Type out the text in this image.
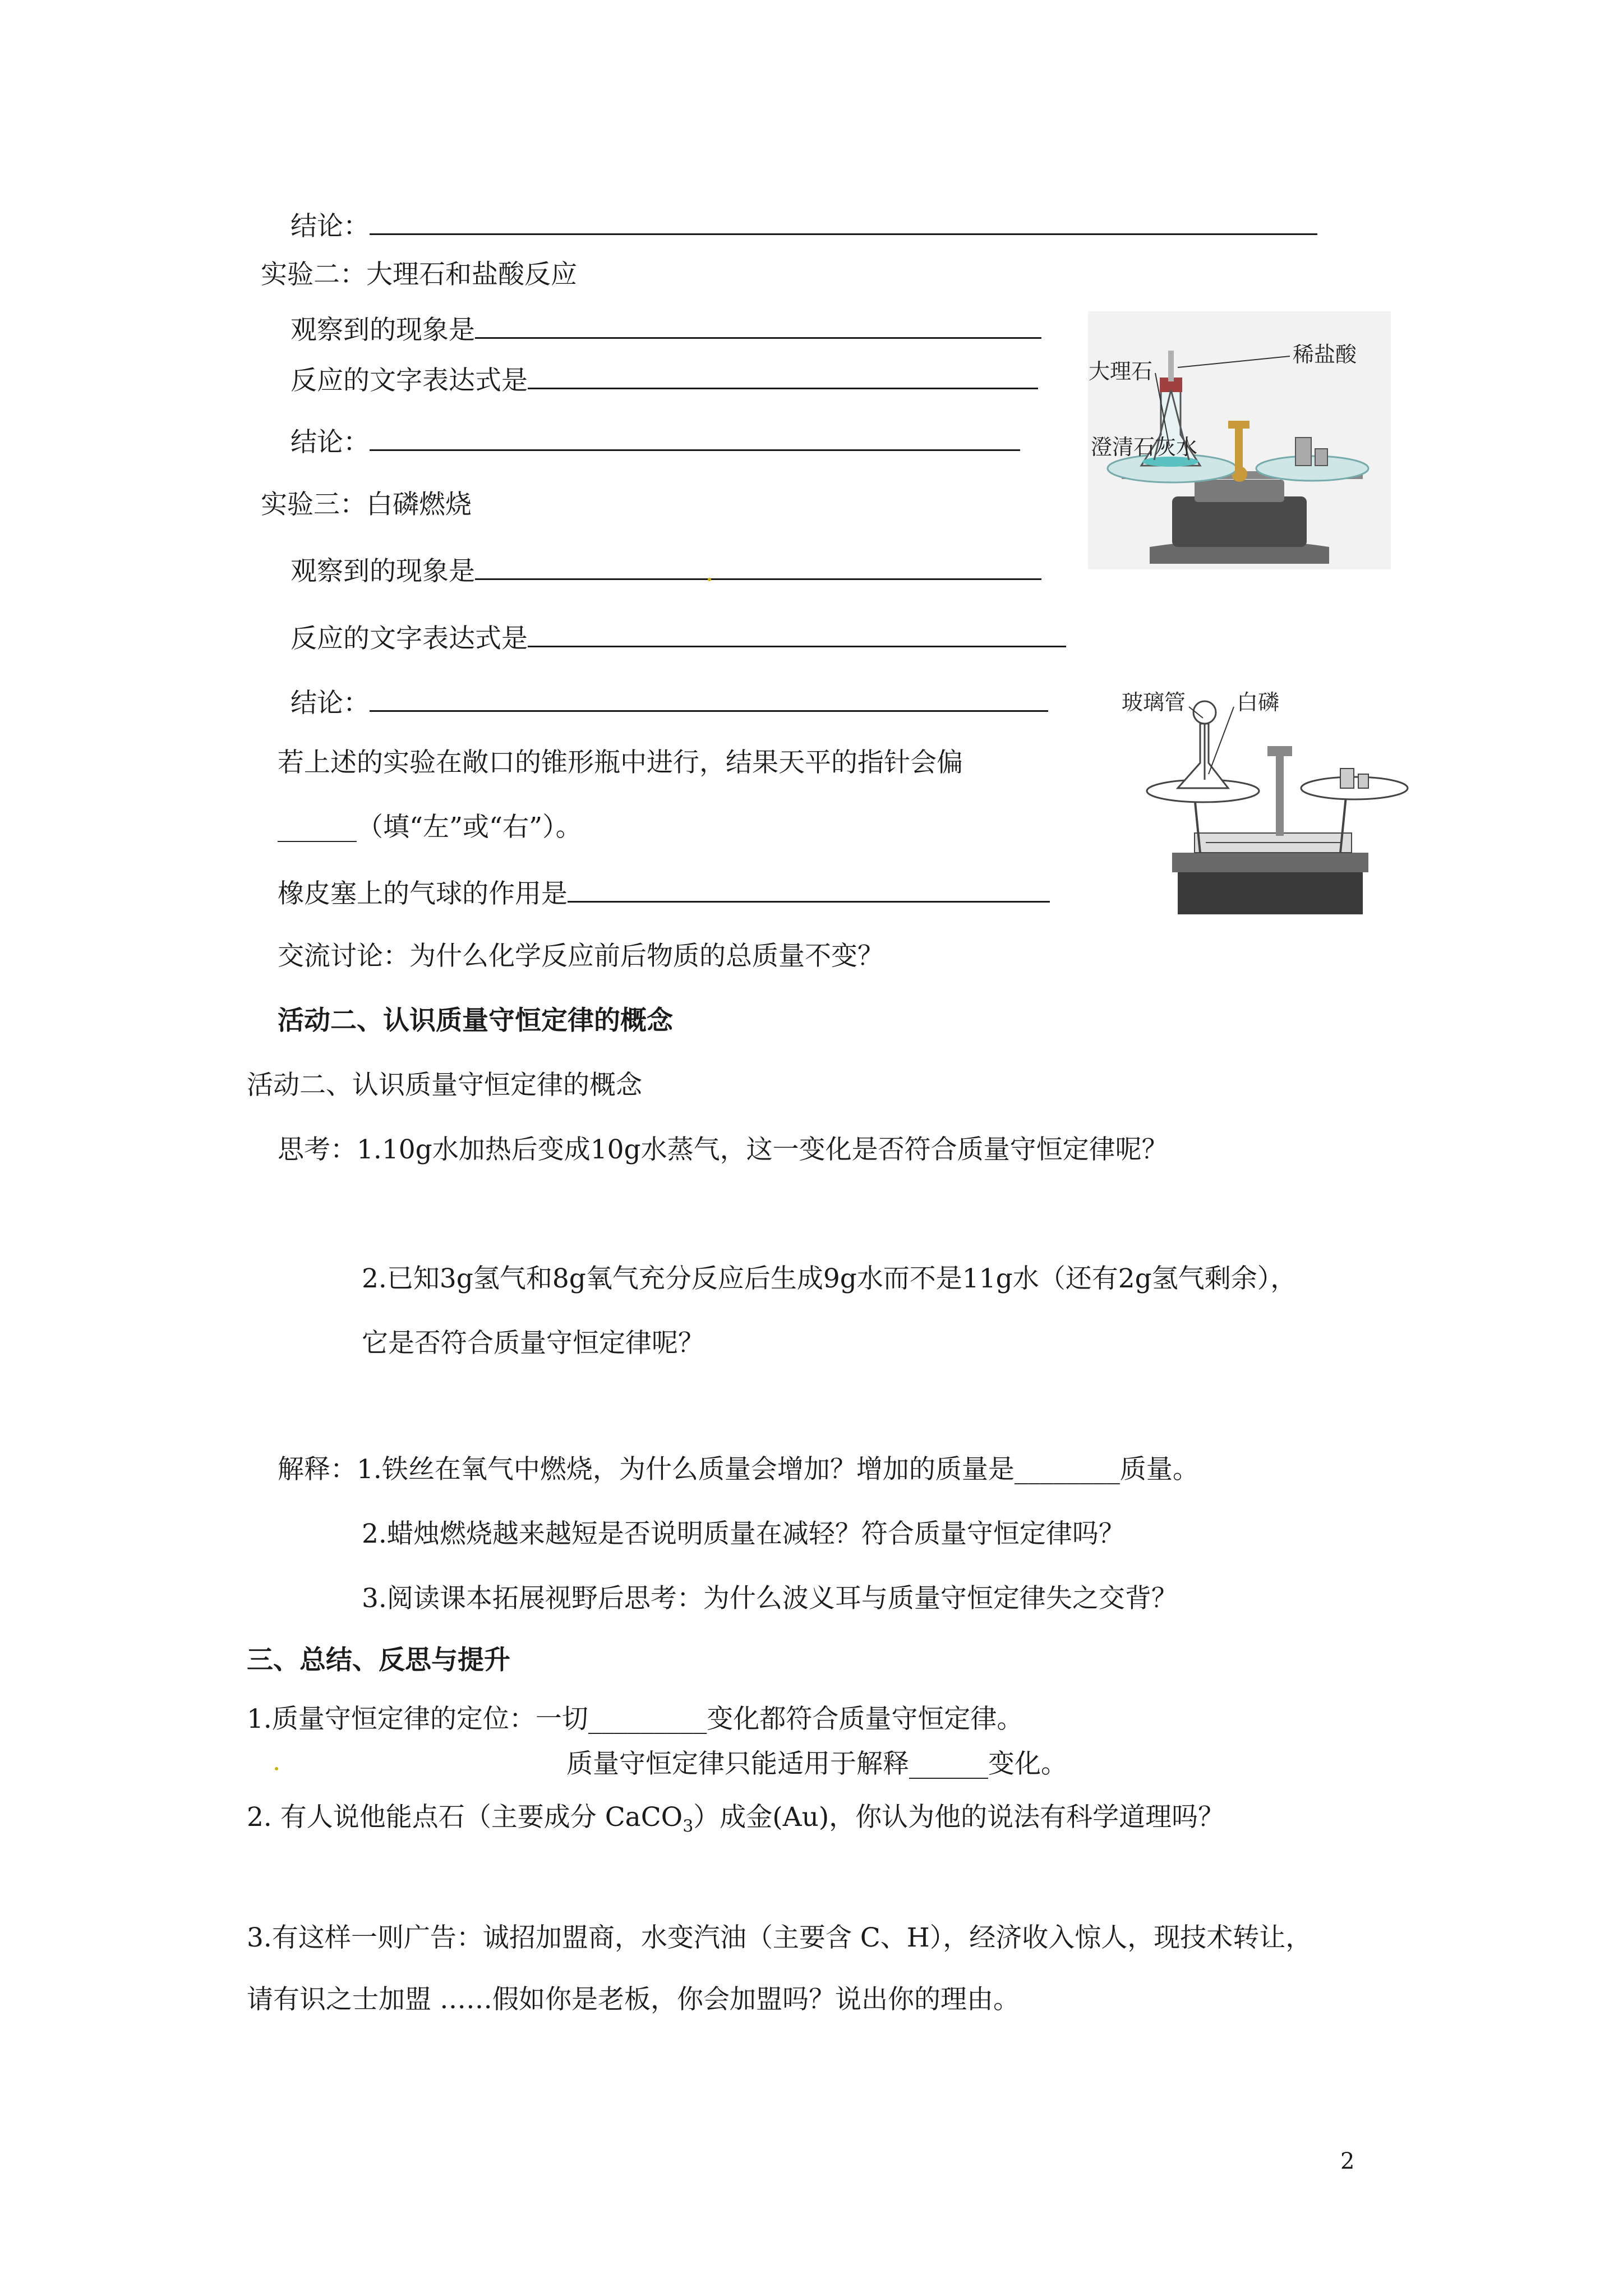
结论：
实验二：大理石和盐酸反应
观察到的现象是
反应的文字表达式是
结论：
大理石
稀盐酸
澄清石灰水
实验三：白磷燃烧
观察到的现象是
反应的文字表达式是
结论：
若上述的实验在敞口的锥形瓶中进行，结果天平的指针会偏
______（填“左”或“右”）。
橡皮塞上的气球的作用是
交流讨论：为什么化学反应前后物质的总质量不变？
玻璃管 白磷
活动二、认识质量守恒定律的概念
活动二、认识质量守恒定律的概念
思考：1.10g水加热后变成10g水蒸气，这一变化是否符合质量守恒定律呢？
2.已知3g氢气和8g氧气充分反应后生成9g水而不是11g水（还有2g氢气剩余），
它是否符合质量守恒定律呢？
解释：1.铁丝在氧气中燃烧，为什么质量会增加？增加的质量是________质量。
2.蜡烛燃烧越来越短是否说明质量在减轻？符合质量守恒定律吗？
3.阅读课本拓展视野后思考：为什么波义耳与质量守恒定律失之交背？
三、总结、反思与提升
1.质量守恒定律的定位：一切_________变化都符合质量守恒定律。
质量守恒定律只能适用于解释______变化。
2. 有人说他能点石（主要成分 CaCO$_3$）成金(Au)，你认为他的说法有科学道理吗？
3.有这样一则广告：诚招加盟商，水变汽油（主要含 C、H），经济收入惊人，现技术转让，
请有识之士加盟 ……假如你是老板，你会加盟吗？说出你的理由。
2
